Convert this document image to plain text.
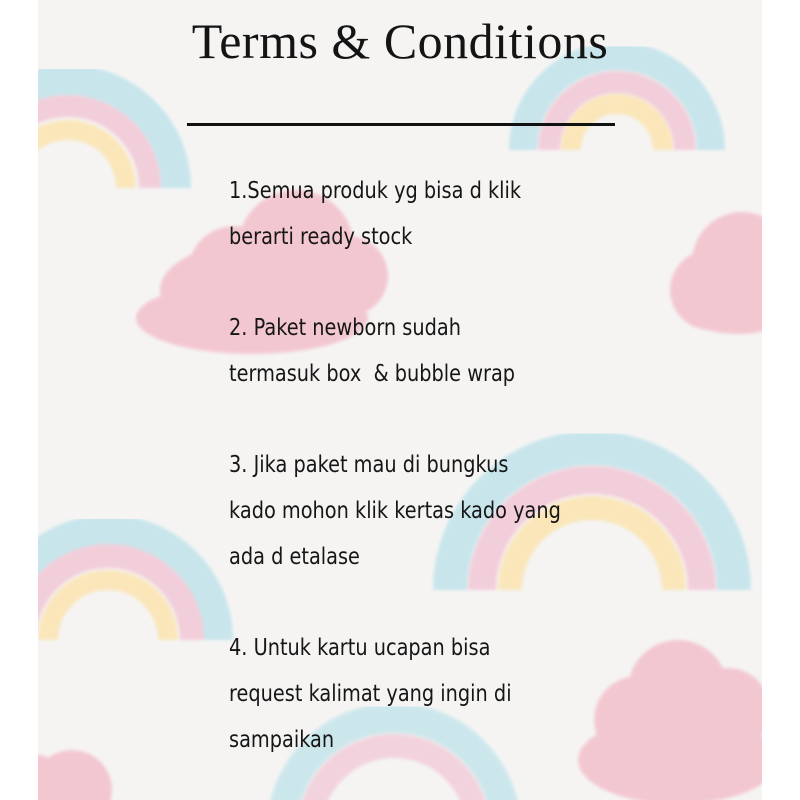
Terms & Conditions
1.Semua produk yg bisa d klik
berarti ready stock
2. Paket newborn sudah
termasuk box  & bubble wrap
3. Jika paket mau di bungkus
kado mohon klik kertas kado yang
ada d etalase
4. Untuk kartu ucapan bisa
request kalimat yang ingin di
sampaikan
